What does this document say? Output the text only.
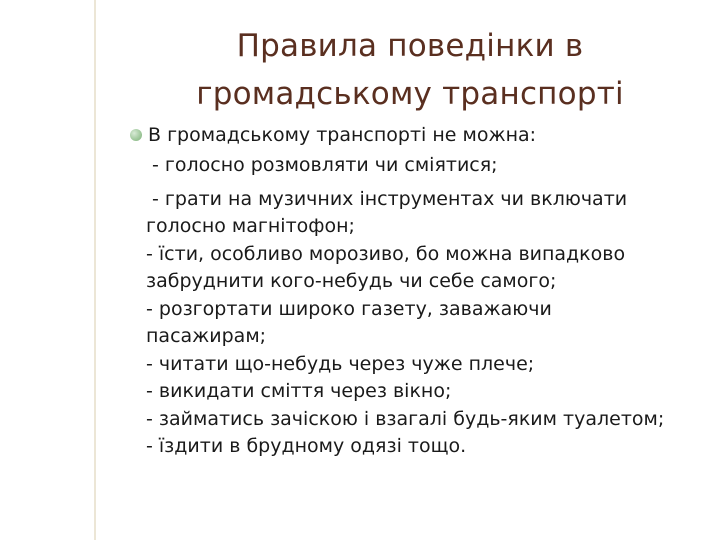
Правила поведінки в
громадському транспорті
В громадському транспорті не можна:
- голосно розмовляти чи сміятися;
- грати на музичних інструментах чи включати
голосно магнітофон;
- їсти, особливо морозиво, бо можна випадково
забруднити кого-небудь чи себе самого;
- розгортати широко газету, заважаючи
пасажирам;
- читати що-небудь через чуже плече;
- викидати сміття через вікно;
- займатись зачіскою і взагалі будь-яким туалетом;
- їздити в брудному одязі тощо.
